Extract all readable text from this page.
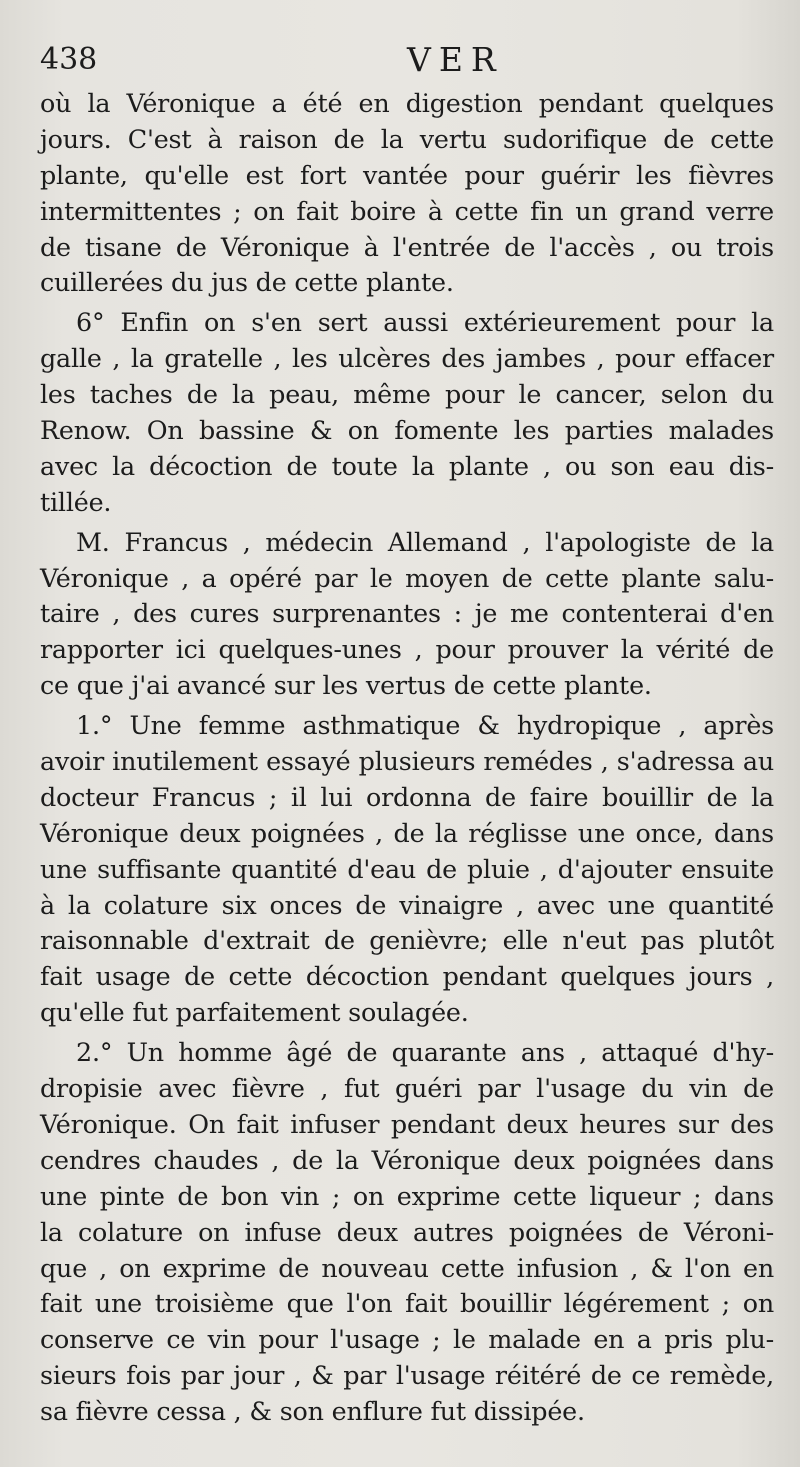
438	VER
où la Véronique a été en digestion pendant quelques
jours. C'est à raison de la vertu sudorifique de cette
plante, qu'elle est fort vantée pour guérir les fièvres
intermittentes ; on fait boire à cette fin un grand verre
de tisane de Véronique à l'entrée de l'accès , ou trois
cuillerées du jus de cette plante.
6° Enfin on s'en sert aussi extérieurement pour la
galle , la gratelle , les ulcères des jambes , pour effacer
les taches de la peau, même pour le cancer, selon du
Renow. On bassine & on fomente les parties malades
avec la décoction de toute la plante , ou son eau dis-
tillée.
M. Francus , médecin Allemand , l'apologiste de la
Véronique , a opéré par le moyen de cette plante salu-
taire , des cures surprenantes : je me contenterai d'en
rapporter ici quelques-unes , pour prouver la vérité de
ce que j'ai avancé sur les vertus de cette plante.
1.° Une femme asthmatique & hydropique , après
avoir inutilement essayé plusieurs remédes , s'adressa au
docteur Francus ; il lui ordonna de faire bouillir de la
Véronique deux poignées , de la réglisse une once, dans
une suffisante quantité d'eau de pluie , d'ajouter ensuite
à la colature six onces de vinaigre , avec une quantité
raisonnable d'extrait de genièvre; elle n'eut pas plutôt
fait usage de cette décoction pendant quelques jours ,
qu'elle fut parfaitement soulagée.
2.° Un homme âgé de quarante ans , attaqué d'hy-
dropisie avec fièvre , fut guéri par l'usage du vin de
Véronique. On fait infuser pendant deux heures sur des
cendres chaudes , de la Véronique deux poignées dans
une pinte de bon vin ; on exprime cette liqueur ; dans
la colature on infuse deux autres poignées de Véroni-
que , on exprime de nouveau cette infusion , & l'on en
fait une troisième que l'on fait bouillir légérement ; on
conserve ce vin pour l'usage ; le malade en a pris plu-
sieurs fois par jour , & par l'usage réitéré de ce remède,
sa fièvre cessa , & son enflure fut dissipée.
